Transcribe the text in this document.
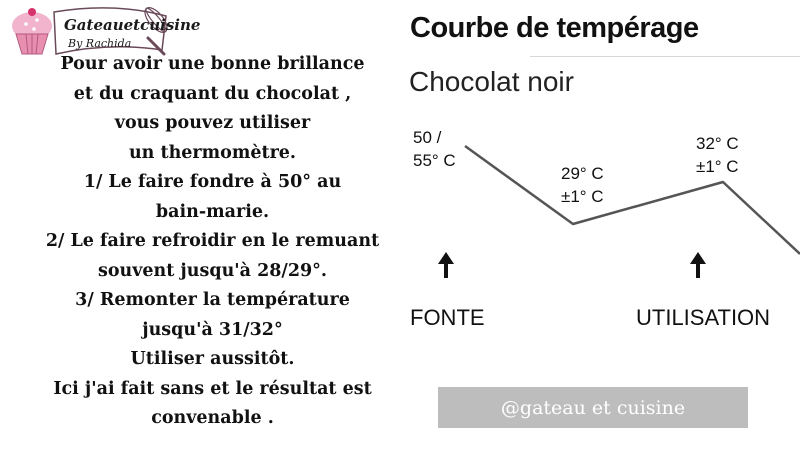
Gateauetcuisine
By Rachida
Pour avoir une bonne brillance
et du craquant du chocolat ,
vous pouvez utiliser
un thermomètre.
1/ Le faire fondre à 50° au
bain-marie.
2/ Le faire refroidir en le remuant
souvent jusqu'à 28/29°.
3/ Remonter la température
jusqu'à 31/32°
Utiliser aussitôt.
Ici j'ai fait sans et le résultat est
convenable .
Courbe de tempérage
Chocolat noir
50 /
55° C
29° C
±1° C
32° C
±1° C
FONTE	UTILISATION
@gateau et cuisine
